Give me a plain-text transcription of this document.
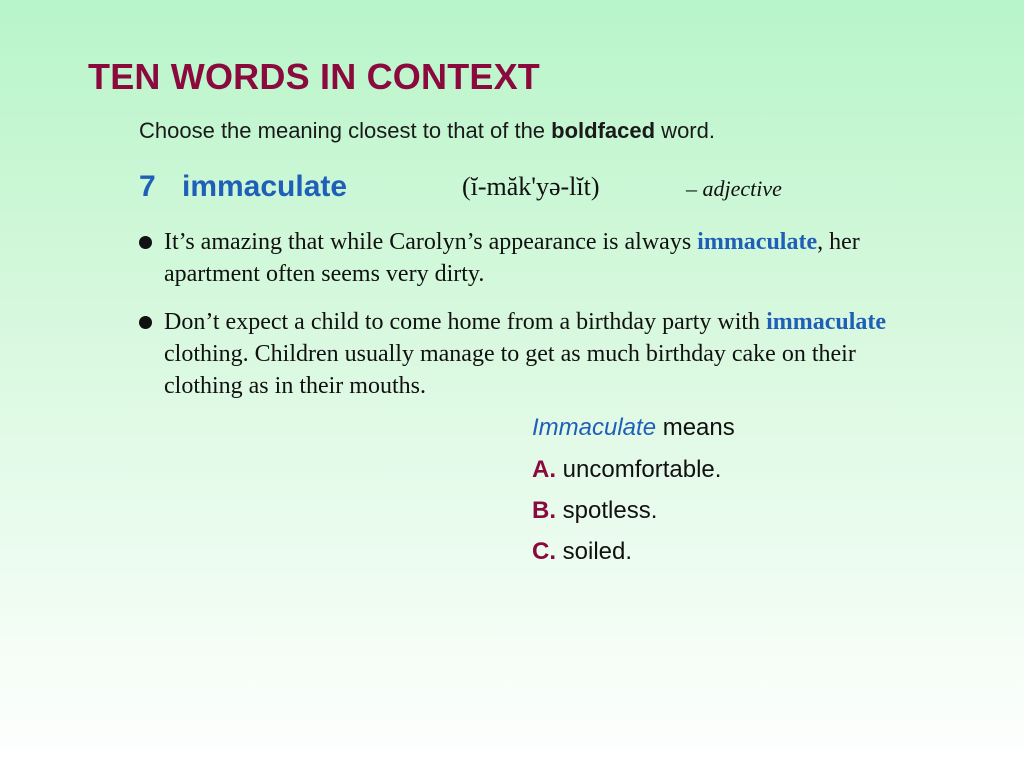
TEN WORDS IN CONTEXT
Choose the meaning closest to that of the boldfaced word.
7 immaculate	(ĭ-măk'yə-lĭt)	– adjective
It’s amazing that while Carolyn’s appearance is always immaculate, her apartment often seems very dirty.
Don’t expect a child to come home from a birthday party with immaculate clothing. Children usually manage to get as much birthday cake on their clothing as in their mouths.
Immaculate means
A. uncomfortable.
B. spotless.
C. soiled.
